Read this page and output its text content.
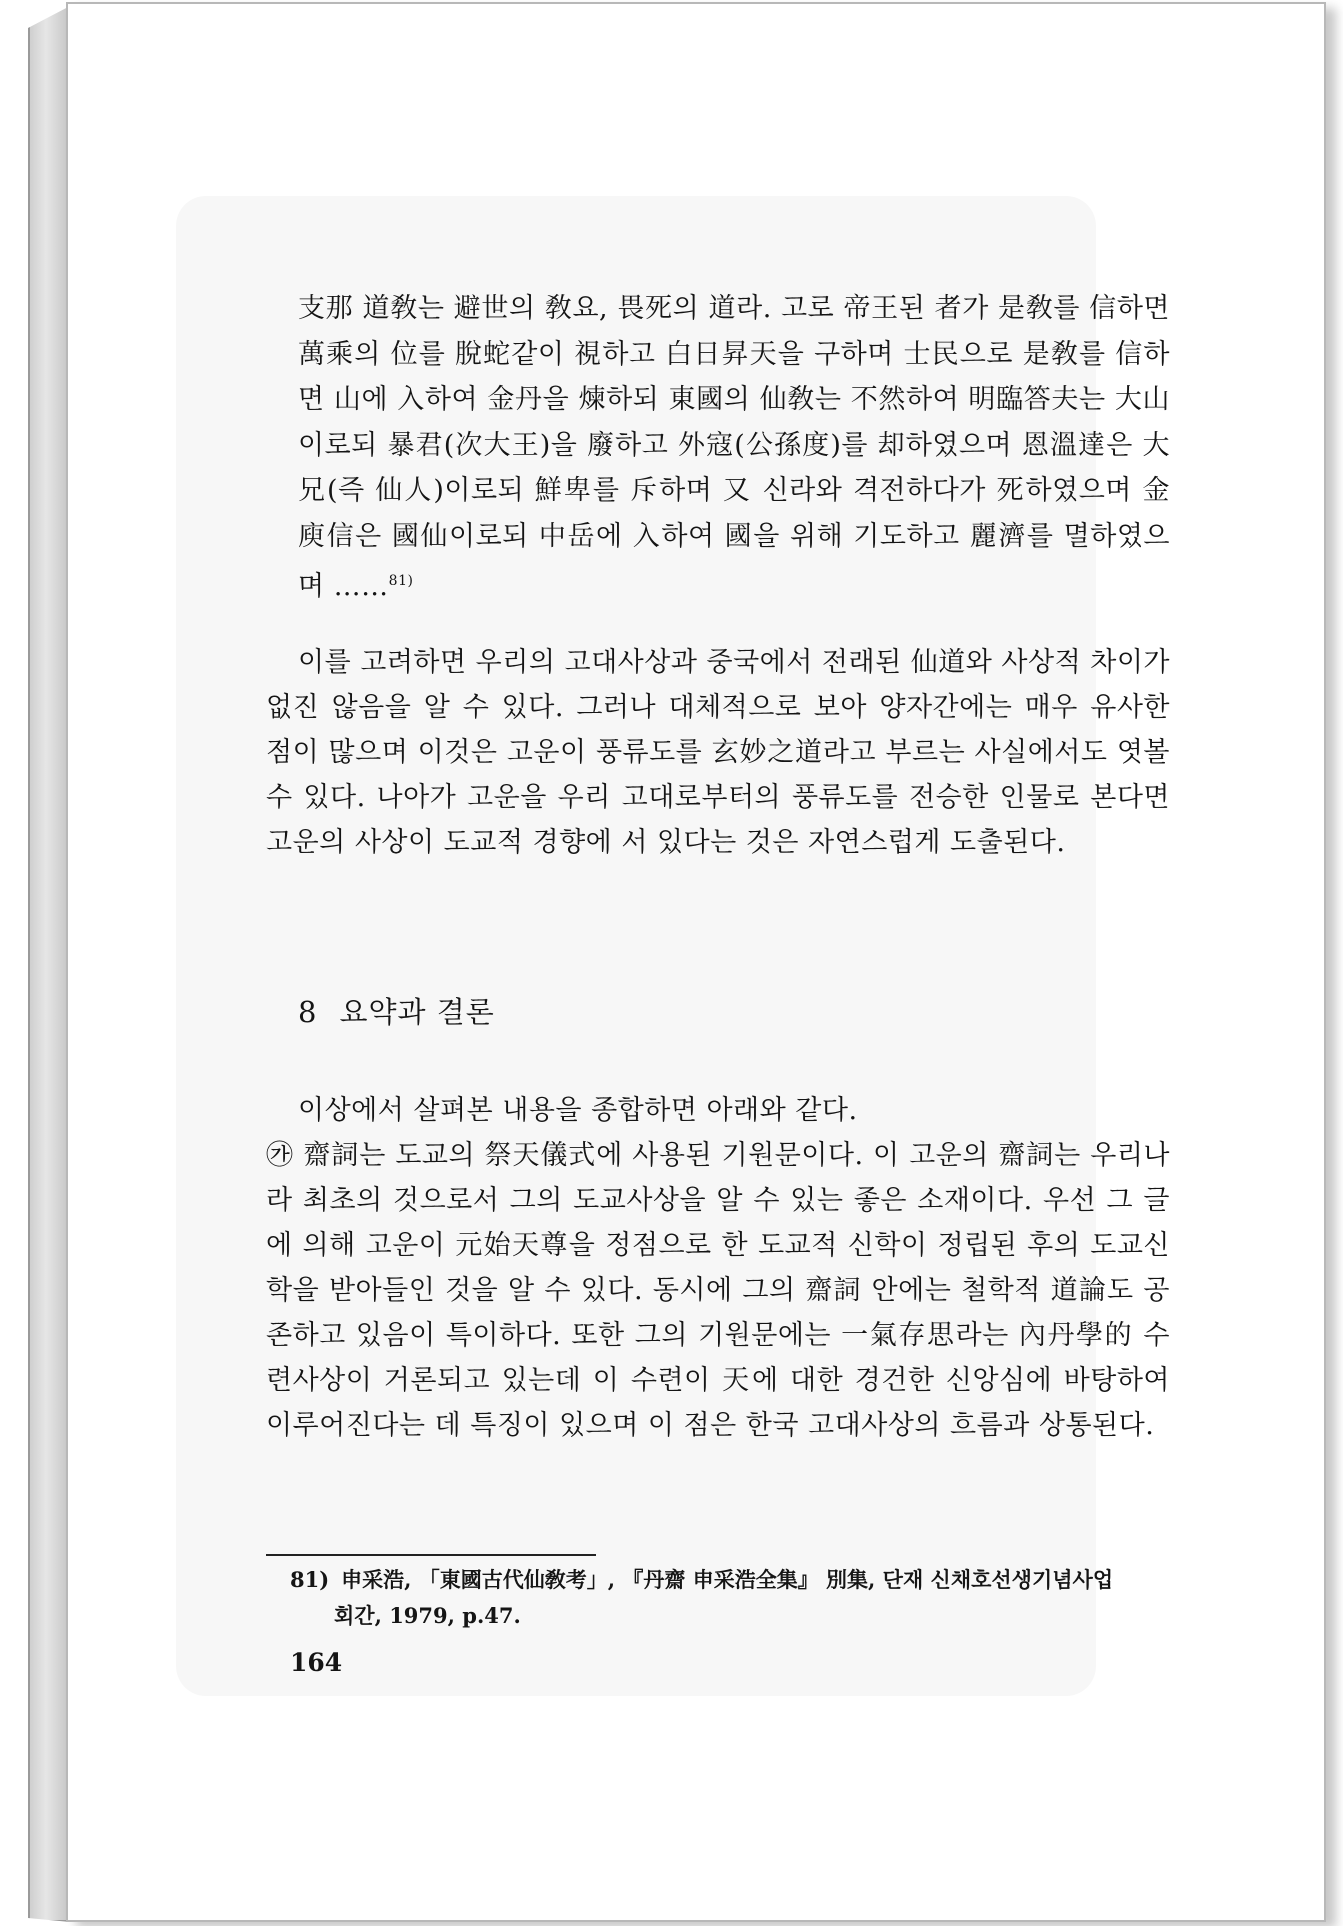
支那 道敎는 避世의 敎요, 畏死의 道라. 고로 帝王된 者가 是敎를 信하면 萬乘의 位를 脫蛇같이 視하고 白日昇天을 구하며 士民으로 是敎를 信하면 山에 入하여 金丹을 煉하되 東國의 仙敎는 不然하여 明臨答夫는 大山이로되 暴君(次大王)을 廢하고 外寇(公孫度)를 却하였으며 恩溫達은 大兄(즉 仙人)이로되 鮮卑를 斥하며 又 신라와 격전하다가 死하였으며 金庾信은 國仙이로되 中岳에 入하여 國을 위해 기도하고 麗濟를 멸하였으며 ……$^{81)}$
이를 고려하면 우리의 고대사상과 중국에서 전래된 仙道와 사상적 차이가 없진 않음을 알 수 있다. 그러나 대체적으로 보아 양자간에는 매우 유사한 점이 많으며 이것은 고운이 풍류도를 玄妙之道라고 부르는 사실에서도 엿볼 수 있다. 나아가 고운을 우리 고대로부터의 풍류도를 전승한 인물로 본다면 고운의 사상이 도교적 경향에 서 있다는 것은 자연스럽게 도출된다.
8 요약과 결론

이상에서 살펴본 내용을 종합하면 아래와 같다.

㉮ 齋詞는 도교의 祭天儀式에 사용된 기원문이다. 이 고운의 齋詞는 우리나라 최초의 것으로서 그의 도교사상을 알 수 있는 좋은 소재이다. 우선 그 글에 의해 고운이 元始天尊을 정점으로 한 도교적 신학이 정립된 후의 도교신학을 받아들인 것을 알 수 있다. 동시에 그의 齋詞 안에는 철학적 道論도 공존하고 있음이 특이하다. 또한 그의 기원문에는 一氣存思라는 內丹學的 수련사상이 거론되고 있는데 이 수련이 天에 대한 경건한 신앙심에 바탕하여 이루어진다는 데 특징이 있으며 이 점은 한국 고대사상의 흐름과 상통된다.

81) 申采浩, 「東國古代仙敎考」, 『丹齋 申采浩全集』 別集, 단재 신채호선생기념사업
회간, 1979, p.47.
164
